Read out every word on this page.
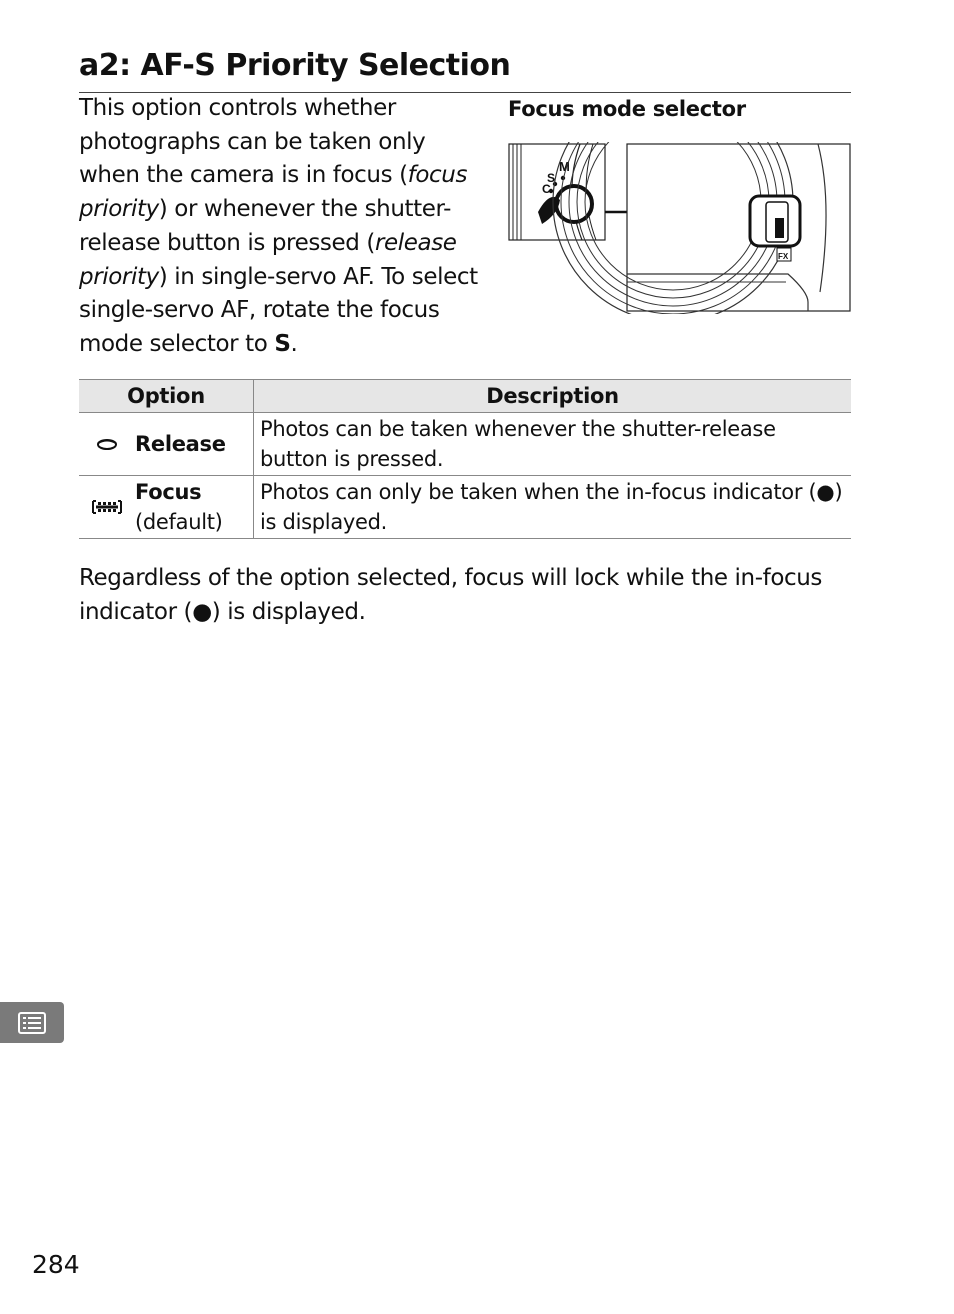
a2: AF-S Priority Selection

This option controls whether photographs can be taken only when the camera is in focus (focus priority) or whenever the shutter-release button is pressed (release priority) in single-servo AF. To select single-servo AF, rotate the focus mode selector to S.

Focus mode selector
C
S
M
FX
Option	Description

Release	Photos can be taken whenever the shutter-release button is pressed.

Focus
(default)	Photos can only be taken when the in-focus indicator (●) is displayed.

Regardless of the option selected, focus will lock while the in-focus indicator (●) is displayed.

284
